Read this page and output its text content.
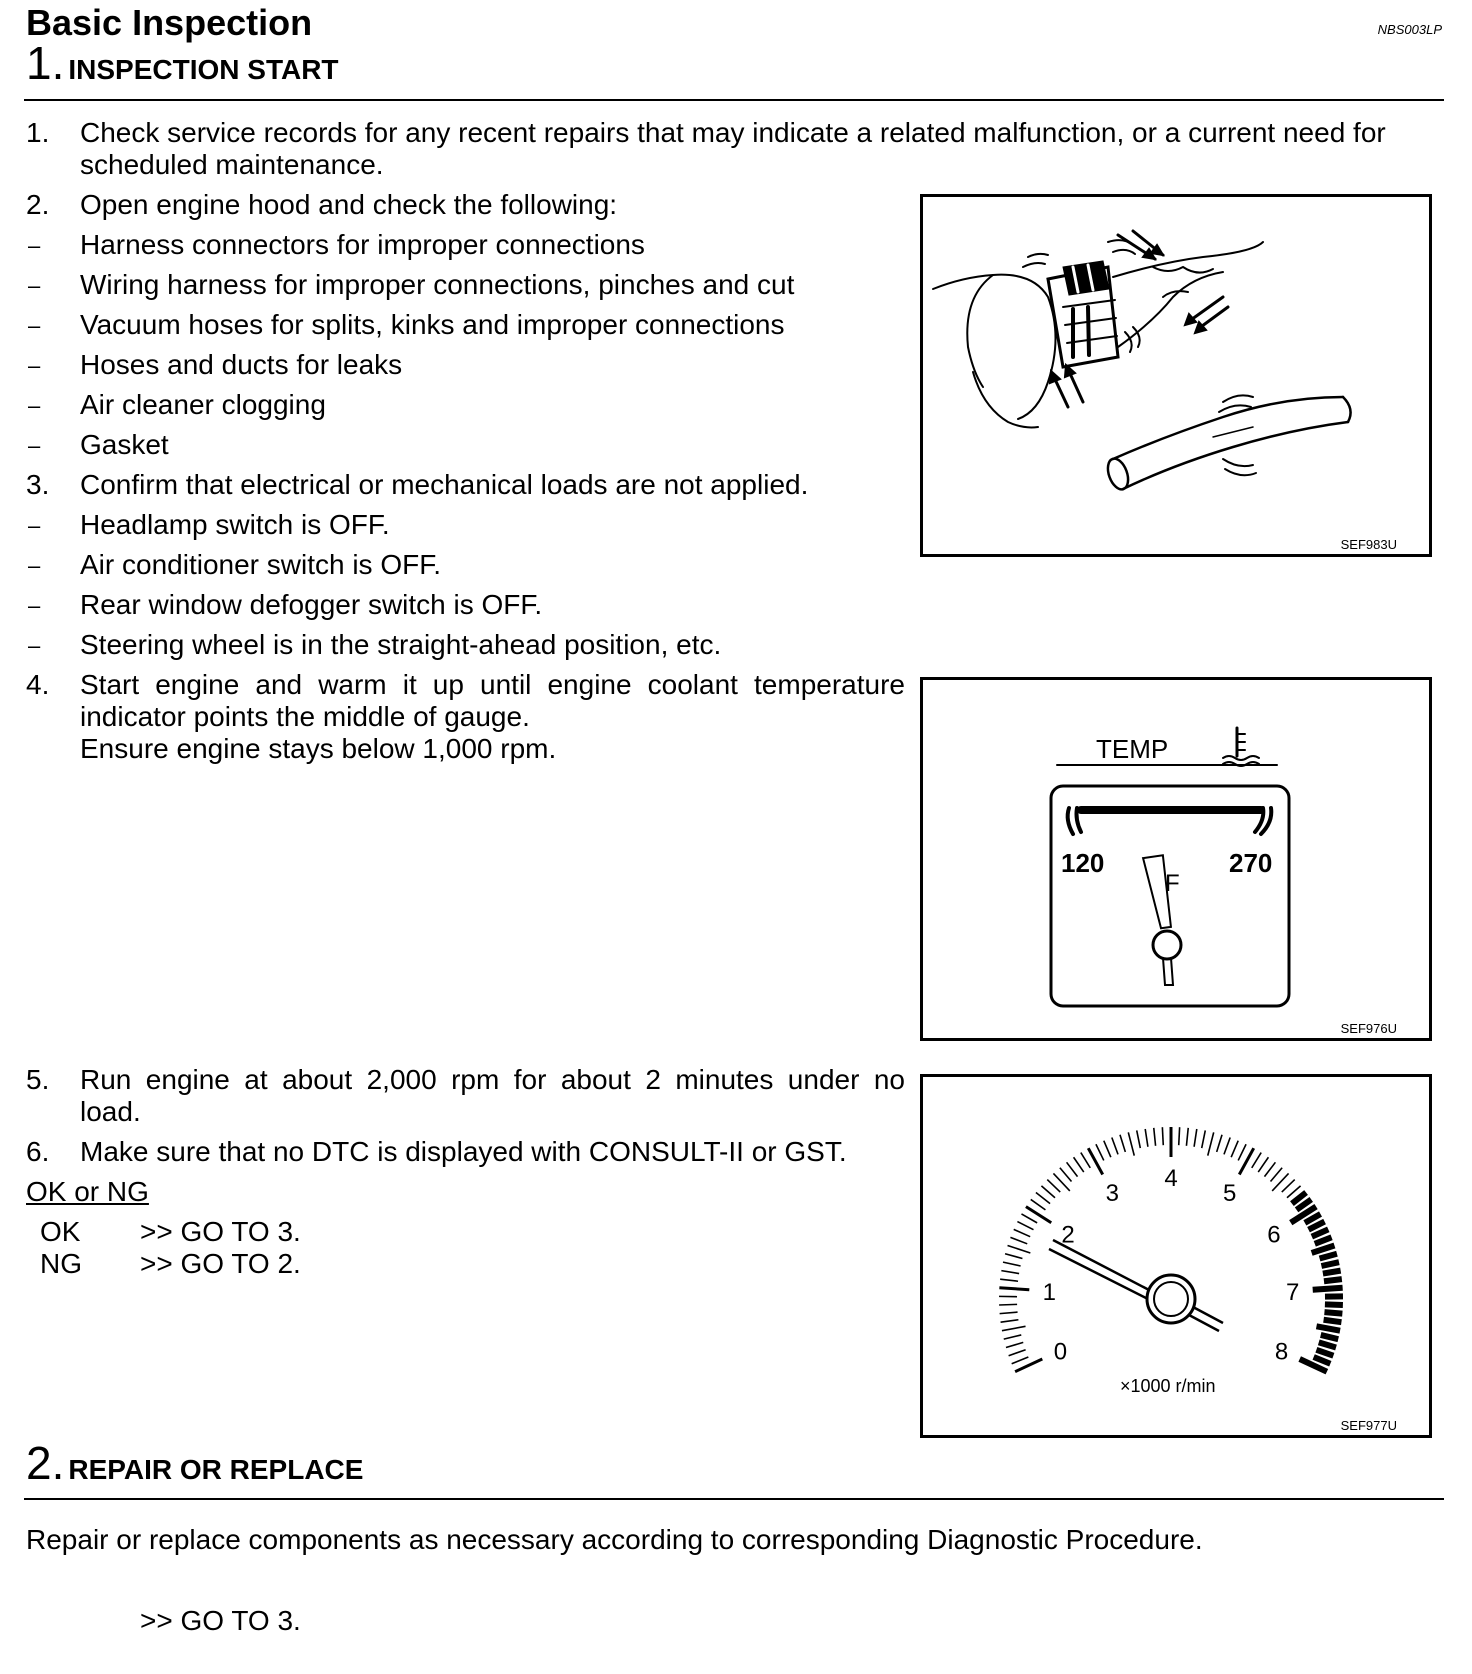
Basic Inspection	NBS003LP
1. INSPECTION START
1. Check service records for any recent repairs that may indicate a related malfunction, or a current need for
scheduled maintenance.
2. Open engine hood and check the following:
– Harness connectors for improper connections
– Wiring harness for improper connections, pinches and cut
– Vacuum hoses for splits, kinks and improper connections
– Hoses and ducts for leaks
– Air cleaner clogging
– Gasket
3. Confirm that electrical or mechanical loads are not applied.
– Headlamp switch is OFF.
– Air conditioner switch is OFF.
– Rear window defogger switch is OFF.
– Steering wheel is in the straight-ahead position, etc.
4. Start engine and warm it up until engine coolant temperature
indicator points the middle of gauge.
Ensure engine stays below 1,000 rpm.
5. Run engine at about 2,000 rpm for about 2 minutes under no
load.
6. Make sure that no DTC is displayed with CONSULT-II or GST.
OK or NG
OK >> GO TO 3.
NG >> GO TO 2.
SEF983U
TEMP
120	270
F
SEF976U
0
1
2
3
4
5
6
7
8
×1000 r/min
SEF977U
2. REPAIR OR REPLACE
Repair or replace components as necessary according to corresponding Diagnostic Procedure.
>> GO TO 3.
